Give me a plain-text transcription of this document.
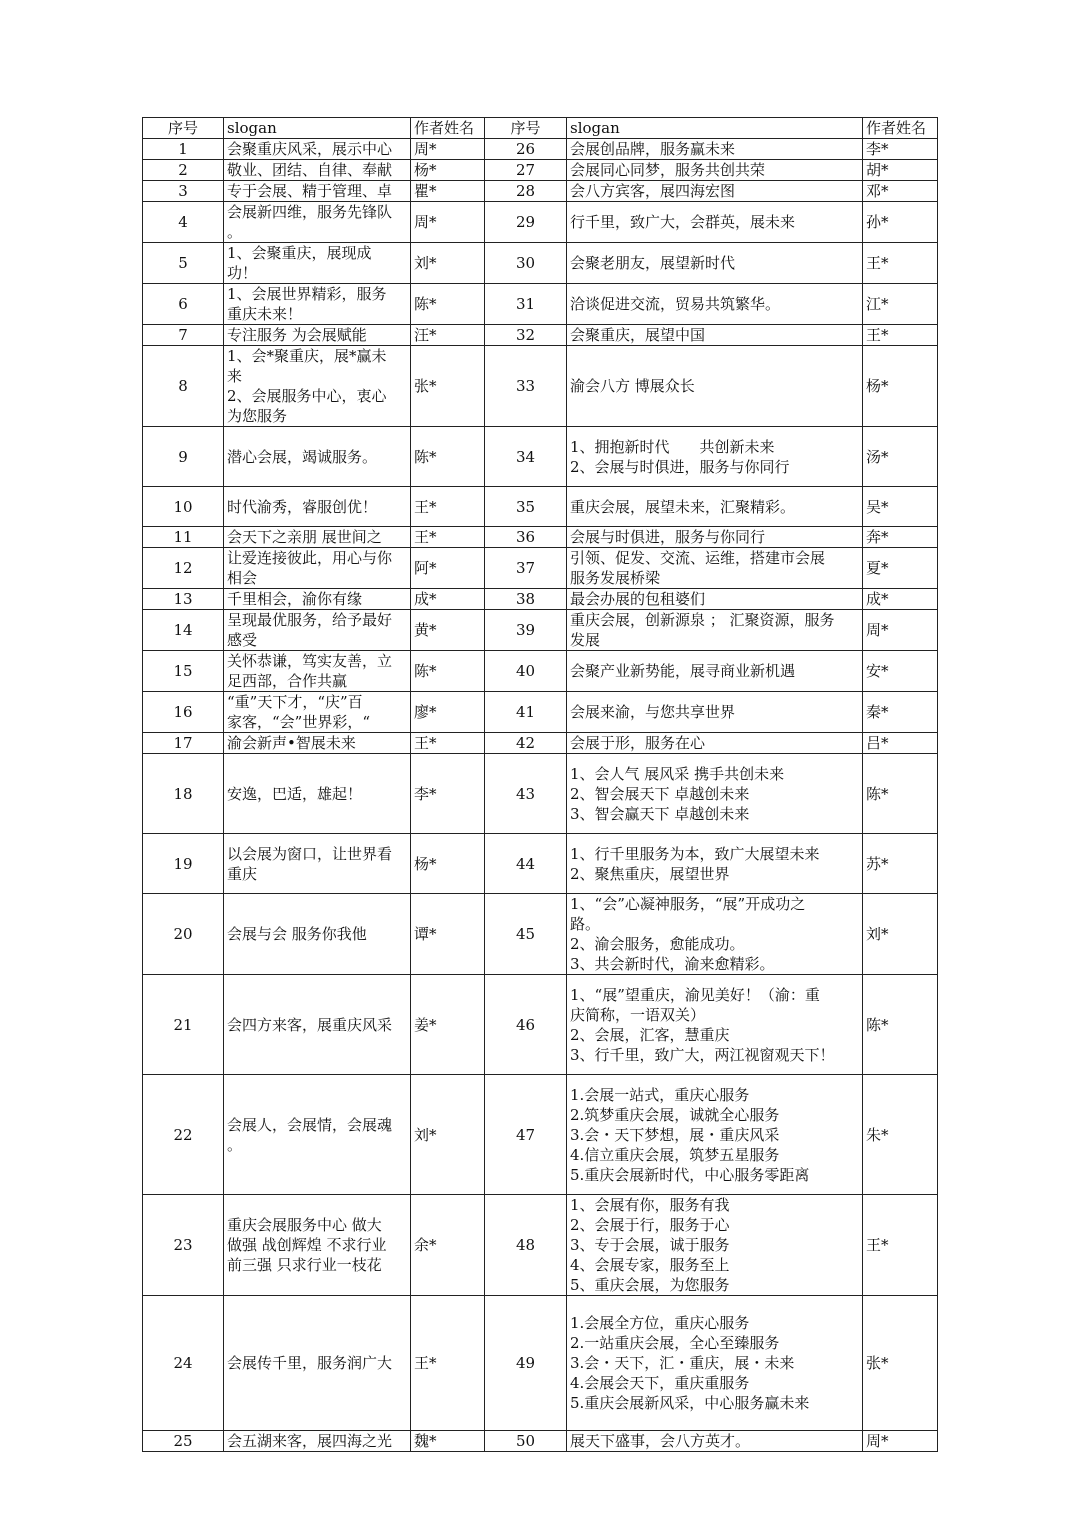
序号	slogan	作者姓名	序号	slogan	作者姓名
1	会聚重庆风采，展示中心	周*	26	会展创品牌，服务赢未来	李*
2	敬业、团结、自律、奉献	杨*	27	会展同心同梦，服务共创共荣	胡*
3	专于会展、精于管理、卓	瞿*	28	会八方宾客，展四海宏图	邓*
4	会展新四维，服务先锋队
。	周*	29	行千里，致广大，会群英，展未来	孙*
5	1、会聚重庆，展现成
功！	刘*	30	会聚老朋友，展望新时代	王*
6	1、会展世界精彩，服务
重庆未来！	陈*	31	洽谈促进交流，贸易共筑繁华。	江*
7	专注服务 为会展赋能	汪*	32	会聚重庆，展望中国	王*
8	1、会*聚重庆，展*赢未
来
2、会展服务中心，衷心
为您服务	张*	33	渝会八方 博展众长	杨*
9	潜心会展，竭诚服务。	陈*	34	1、拥抱新时代　　共创新未来
2、会展与时俱进，服务与你同行	汤*
10	时代渝秀，睿服创优！	王*	35	重庆会展，展望未来，汇聚精彩。	吴*
11	会天下之亲朋 展世间之	王*	36	会展与时俱进，服务与你同行	奔*
12	让爱连接彼此，用心与你
相会	阿*	37	引领、促发、交流、运维，搭建市会展
服务发展桥梁	夏*
13	千里相会，渝你有缘	成*	38	最会办展的包租婆们	成*
14	呈现最优服务，给予最好
感受	黄*	39	重庆会展，创新源泉 ； 汇聚资源，服务
发展	周*
15	关怀恭谦，笃实友善，立
足西部，合作共赢	陈*	40	会聚产业新势能，展寻商业新机遇	安*
16	“重”天下才，“庆”百
家客，“会”世界彩，“	廖*	41	会展来渝，与您共享世界	秦*
17	渝会新声•智展未来	王*	42	会展于形，服务在心	吕*
18	安逸，巴适，雄起！	李*	43	1、会人气 展风采 携手共创未来
2、智会展天下 卓越创未来
3、智会赢天下 卓越创未来	陈*
19	以会展为窗口，让世界看
重庆	杨*	44	1、行千里服务为本，致广大展望未来
2、聚焦重庆，展望世界	苏*
20	会展与会 服务你我他	谭*	45	1、“会”心凝神服务，“展”开成功之
路。
2、渝会服务，愈能成功。
3、共会新时代，渝来愈精彩。	刘*
21	会四方来客，展重庆风采	姜*	46	1、“展”望重庆，渝见美好！（渝：重
庆简称，一语双关）
2、会展，汇客，慧重庆
3、行千里，致广大，两江视窗观天下！	陈*
22	会展人，会展情，会展魂
。	刘*	47	1.会展一站式，重庆心服务
2.筑梦重庆会展，诚就全心服务
3.会・天下梦想，展・重庆风采
4.信立重庆会展，筑梦五星服务
5.重庆会展新时代，中心服务零距离	朱*
23	重庆会展服务中心 做大
做强 战创辉煌 不求行业
前三强 只求行业一枝花	余*	48	1、会展有你，服务有我
2、会展于行，服务于心
3、专于会展，诚于服务
4、会展专家，服务至上
5、重庆会展，为您服务	王*
24	会展传千里，服务润广大	王*	49	1.会展全方位，重庆心服务
2.一站重庆会展，全心至臻服务
3.会・天下，汇・重庆，展・未来
4.会展会天下，重庆重服务
5.重庆会展新风采，中心服务赢未来	张*
25	会五湖来客，展四海之光	魏*	50	展天下盛事，会八方英才。	周*
